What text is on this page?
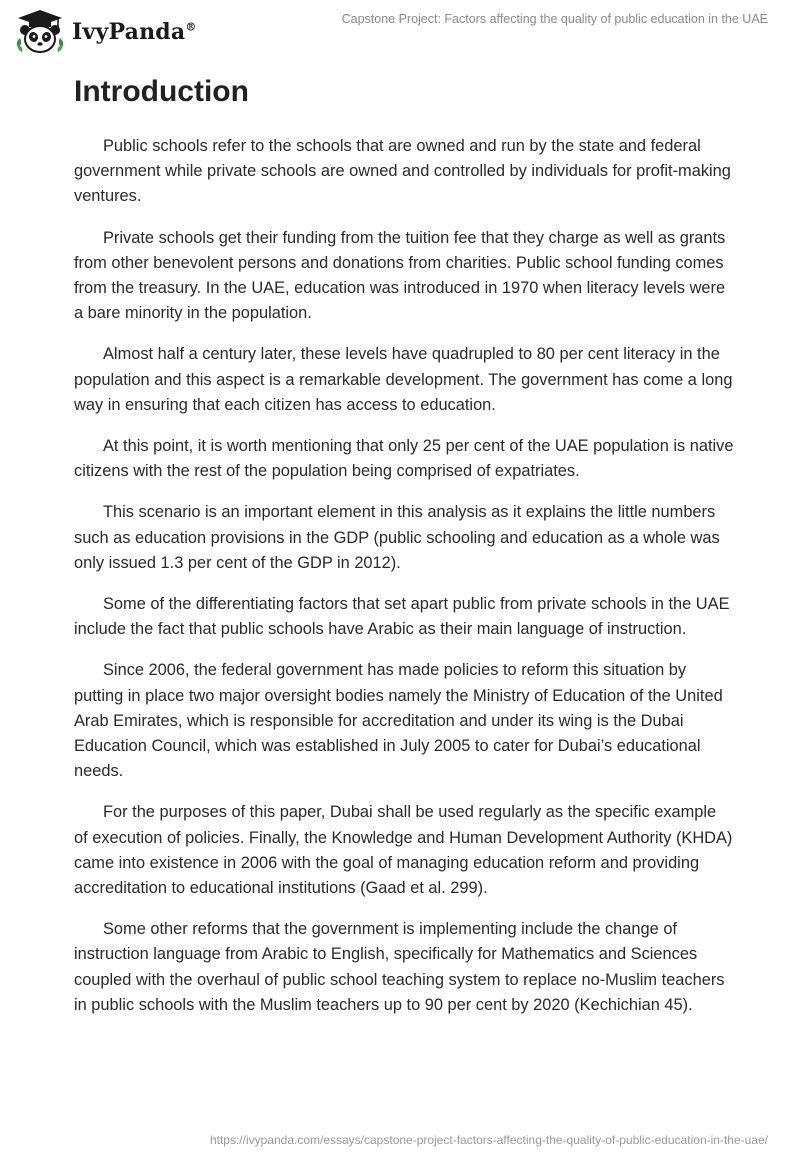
IvyPanda®
Capstone Project: Factors affecting the quality of public education in the UAE
Introduction

Public schools refer to the schools that are owned and run by the state and federal government while private schools are owned and controlled by individuals for profit-making ventures.

Private schools get their funding from the tuition fee that they charge as well as grants from other benevolent persons and donations from charities. Public school funding comes from the treasury. In the UAE, education was introduced in 1970 when literacy levels were a bare minority in the population.

Almost half a century later, these levels have quadrupled to 80 per cent literacy in the population and this aspect is a remarkable development. The government has come a long way in ensuring that each citizen has access to education.

At this point, it is worth mentioning that only 25 per cent of the UAE population is native citizens with the rest of the population being comprised of expatriates.

This scenario is an important element in this analysis as it explains the little numbers such as education provisions in the GDP (public schooling and education as a whole was only issued 1.3 per cent of the GDP in 2012).

Some of the differentiating factors that set apart public from private schools in the UAE include the fact that public schools have Arabic as their main language of instruction.

Since 2006, the federal government has made policies to reform this situation by putting in place two major oversight bodies namely the Ministry of Education of the United Arab Emirates, which is responsible for accreditation and under its wing is the Dubai Education Council, which was established in July 2005 to cater for Dubai’s educational needs.

For the purposes of this paper, Dubai shall be used regularly as the specific example of execution of policies. Finally, the Knowledge and Human Development Authority (KHDA) came into existence in 2006 with the goal of managing education reform and providing accreditation to educational institutions (Gaad et al. 299).

Some other reforms that the government is implementing include the change of instruction language from Arabic to English, specifically for Mathematics and Sciences coupled with the overhaul of public school teaching system to replace no-Muslim teachers in public schools with the Muslim teachers up to 90 per cent by 2020 (Kechichian 45).

https://ivypanda.com/essays/capstone-project-factors-affecting-the-quality-of-public-education-in-the-uae/
